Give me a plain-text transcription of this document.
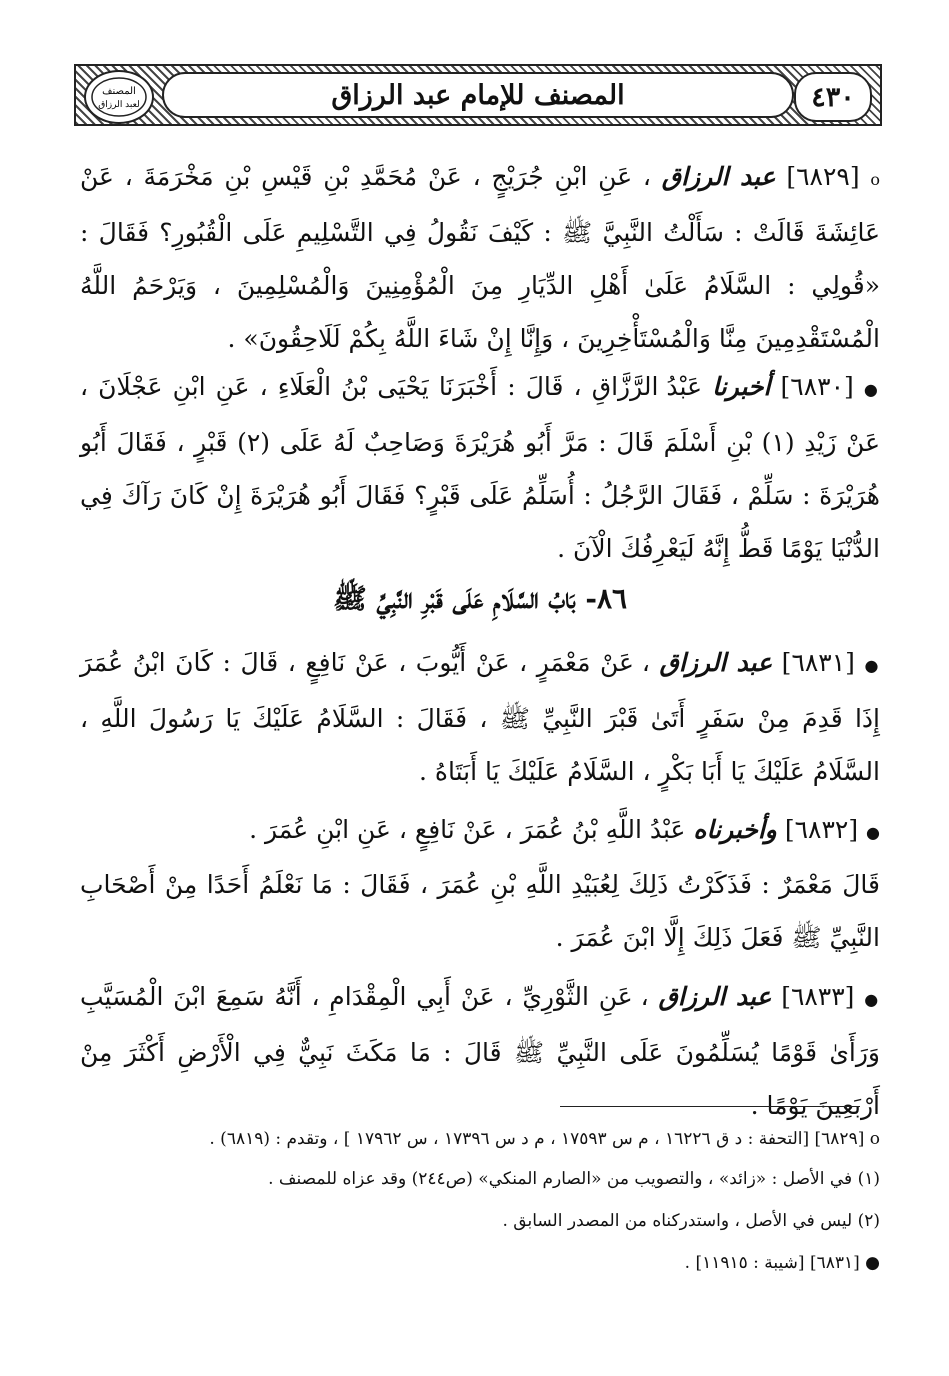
٤٣٠
المصنف للإمام عبد الرزاق
المصنف
لعبد الرزاق
o [٦٨٢٩] عبد الرزاق ، عَنِ ابْنِ جُرَيْجٍ ، عَنْ مُحَمَّدِ بْنِ قَيْسِ بْنِ مَخْرَمَةَ ، عَنْ عَائِشَةَ قَالَتْ : سَأَلْتُ النَّبِيَّ ﷺ : كَيْفَ نَقُولُ فِي التَّسْلِيمِ عَلَى الْقُبُورِ؟ فَقَالَ : «قُولِي : السَّلَامُ عَلَىٰ أَهْلِ الدِّيَارِ مِنَ الْمُؤْمِنِينَ وَالْمُسْلِمِينَ ، وَيَرْحَمُ اللَّهُ الْمُسْتَقْدِمِينَ مِنَّا وَالْمُسْتَأْخِرِينَ ، وَإِنَّا إِنْ شَاءَ اللَّهُ بِكُمْ لَلَاحِقُونَ» .
● [٦٨٣٠] أخبرنا عَبْدُ الرَّزَّاقِ ، قَالَ : أَخْبَرَنَا يَحْيَى بْنُ الْعَلَاءِ ، عَنِ ابْنِ عَجْلَانَ ، عَنْ زَيْدِ (١) بْنِ أَسْلَمَ قَالَ : مَرَّ أَبُو هُرَيْرَةَ وَصَاحِبٌ لَهُ عَلَى (٢) قَبْرٍ ، فَقَالَ أَبُو هُرَيْرَةَ : سَلِّمْ ، فَقَالَ الرَّجُلُ : أُسَلِّمُ عَلَى قَبْرٍ؟ فَقَالَ أَبُو هُرَيْرَةَ إِنْ كَانَ رَآكَ فِي الدُّنْيَا يَوْمًا قَطُّ إِنَّهُ لَيَعْرِفُكَ الْآنَ .
٨٦- بَابُ السَّلَامِ عَلَى قَبْرِ النَّبِيِّ ﷺ
● [٦٨٣١] عبد الرزاق ، عَنْ مَعْمَرٍ ، عَنْ أَيُّوبَ ، عَنْ نَافِعٍ ، قَالَ : كَانَ ابْنُ عُمَرَ إِذَا قَدِمَ مِنْ سَفَرٍ أَتَىٰ قَبْرَ النَّبِيِّ ﷺ ، فَقَالَ : السَّلَامُ عَلَيْكَ يَا رَسُولَ اللَّهِ ، السَّلَامُ عَلَيْكَ يَا أَبَا بَكْرٍ ، السَّلَامُ عَلَيْكَ يَا أَبَتَاهُ .
● [٦٨٣٢] وأخبرناه عَبْدُ اللَّهِ بْنُ عُمَرَ ، عَنْ نَافِعٍ ، عَنِ ابْنِ عُمَرَ .
قَالَ مَعْمَرٌ : فَذَكَرْتُ ذَلِكَ لِعُبَيْدِ اللَّهِ بْنِ عُمَرَ ، فَقَالَ : مَا نَعْلَمُ أَحَدًا مِنْ أَصْحَابِ النَّبِيِّ ﷺ فَعَلَ ذَلِكَ إِلَّا ابْنَ عُمَرَ .
● [٦٨٣٣] عبد الرزاق ، عَنِ الثَّوْرِيِّ ، عَنْ أَبِي الْمِقْدَامِ ، أَنَّهُ سَمِعَ ابْنَ الْمُسَيَّبِ وَرَأَىٰ قَوْمًا يُسَلِّمُونَ عَلَى النَّبِيِّ ﷺ قَالَ : مَا مَكَثَ نَبِيٌّ فِي الْأَرْضِ أَكْثَرَ مِنْ أَرْبَعِينَ يَوْمًا .
o [٦٨٢٩] [التحفة : د ق ١٦٢٢٦ ، م س ١٧٥٩٣ ، م د س ١٧٣٩٦ ، س ١٧٩٦٢ ] ، وتقدم : (٦٨١٩) .
(١) في الأصل : «زائد» ، والتصويب من «الصارم المنكي» (ص٢٤٤) وقد عزاه للمصنف .
(٢) ليس في الأصل ، واستدركناه من المصدر السابق .
● [٦٨٣١] [شيبة : ١١٩١٥] .
